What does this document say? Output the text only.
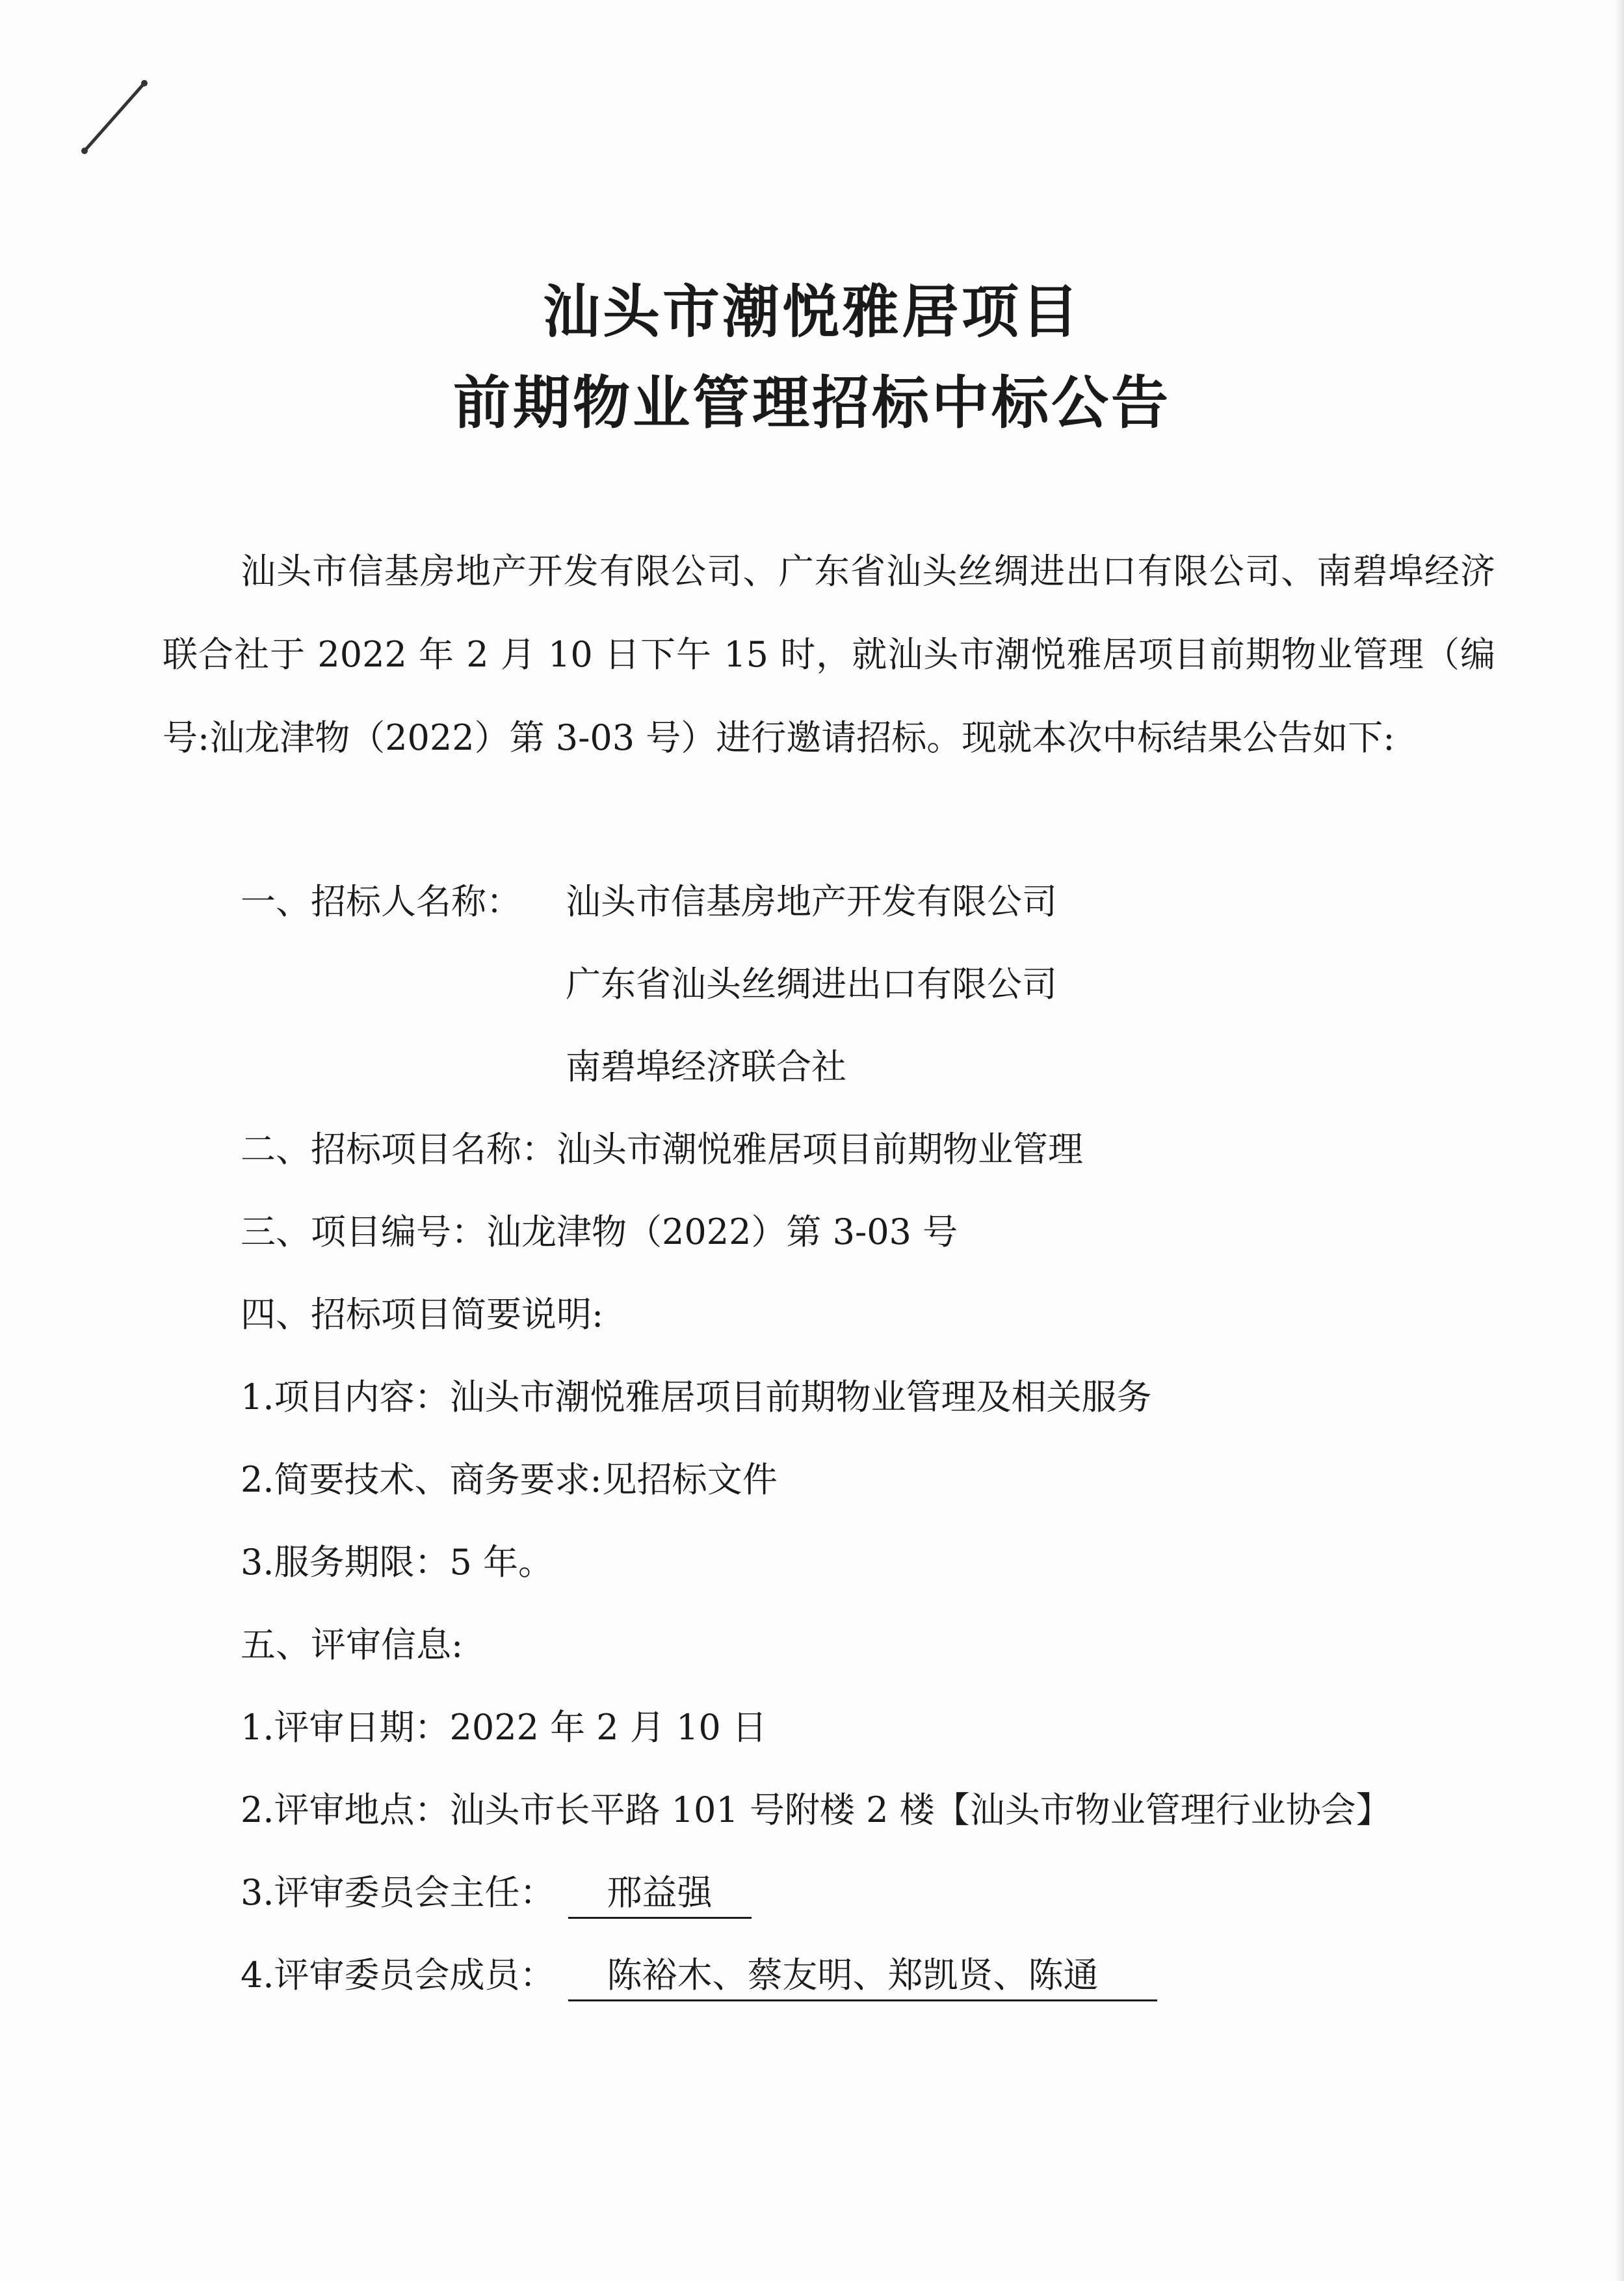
汕头市潮悦雅居项目
前期物业管理招标中标公告
汕头市信基房地产开发有限公司、广东省汕头丝绸进出口有限公司、南碧埠经济联合社于 2022 年 2 月 10 日下午 15 时，就汕头市潮悦雅居项目前期物业管理（编号:汕龙津物（2022）第 3-03 号）进行邀请招标。现就本次中标结果公告如下:
一、招标人名称： 汕头市信基房地产开发有限公司
广东省汕头丝绸进出口有限公司
南碧埠经济联合社
二、招标项目名称：汕头市潮悦雅居项目前期物业管理
三、项目编号：汕龙津物（2022）第 3-03 号
四、招标项目简要说明:
1.项目内容：汕头市潮悦雅居项目前期物业管理及相关服务
2.简要技术、商务要求:见招标文件
3.服务期限：5 年。
五、评审信息:
1.评审日期：2022 年 2 月 10 日
2.评审地点：汕头市长平路 101 号附楼 2 楼【汕头市物业管理行业协会】
3.评审委员会主任： 邢益强
4.评审委员会成员： 陈裕木、蔡友明、郑凯贤、陈通
